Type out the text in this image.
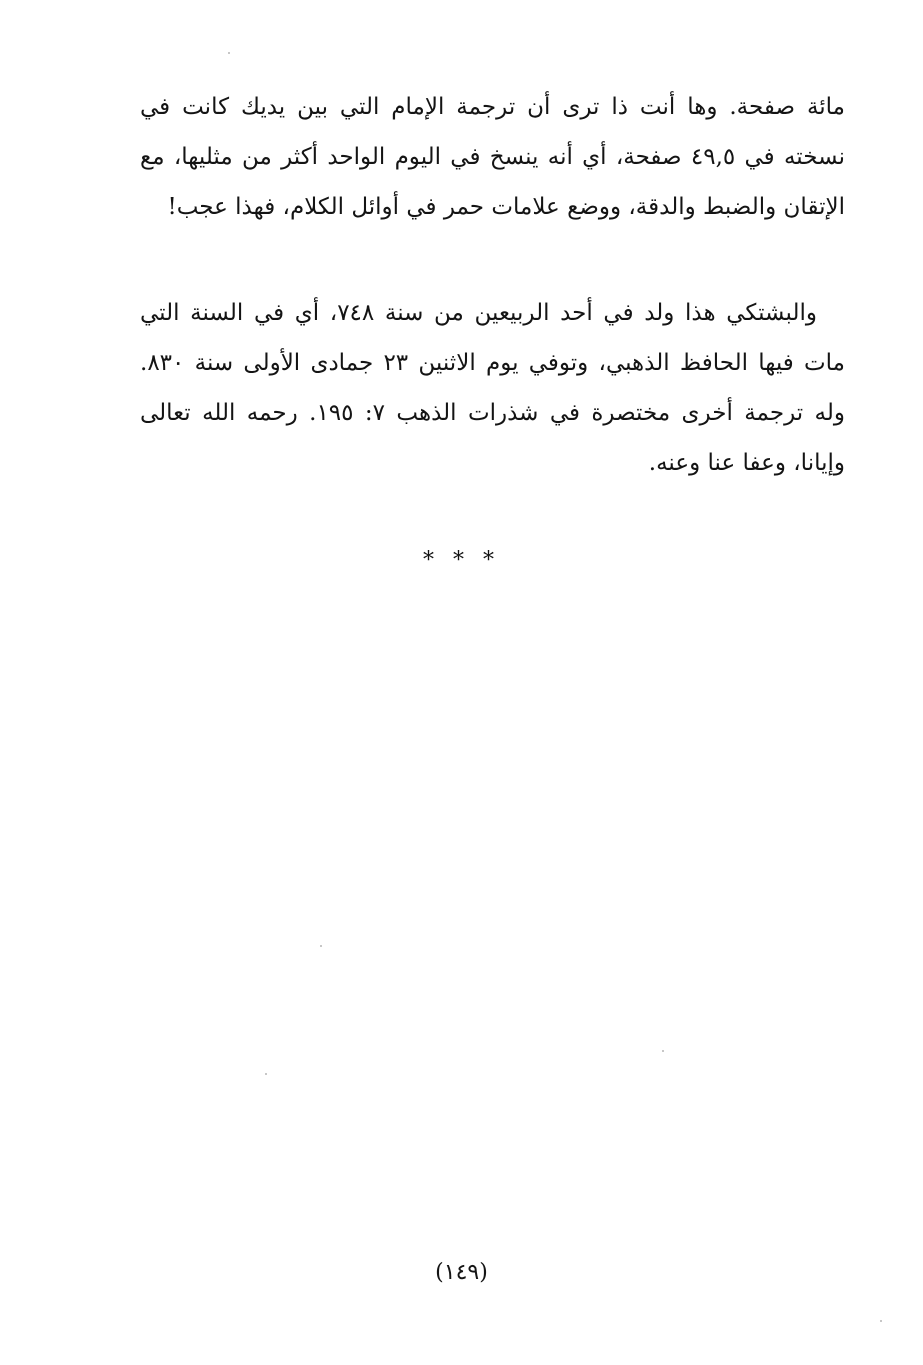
مائة صفحة. وها أنت ذا ترى أن ترجمة الإمام التي بين يديك كانت في نسخته في ٤٩,٥ صفحة، أي أنه ينسخ في اليوم الواحد أكثر من مثليها، مع الإتقان والضبط والدقة، ووضع علامات حمر في أوائل الكلام، فهذا عجب!

والبشتكي هذا ولد في أحد الربيعين من سنة ٧٤٨، أي في السنة التي مات فيها الحافظ الذهبي، وتوفي يوم الاثنين ٢٣ جمادى الأولى سنة ٨٣٠. وله ترجمة أخرى مختصرة في شذرات الذهب ٧: ١٩٥. رحمه الله تعالى وإيانا، وعفا عنا وعنه.

* * *
(١٤٩)
